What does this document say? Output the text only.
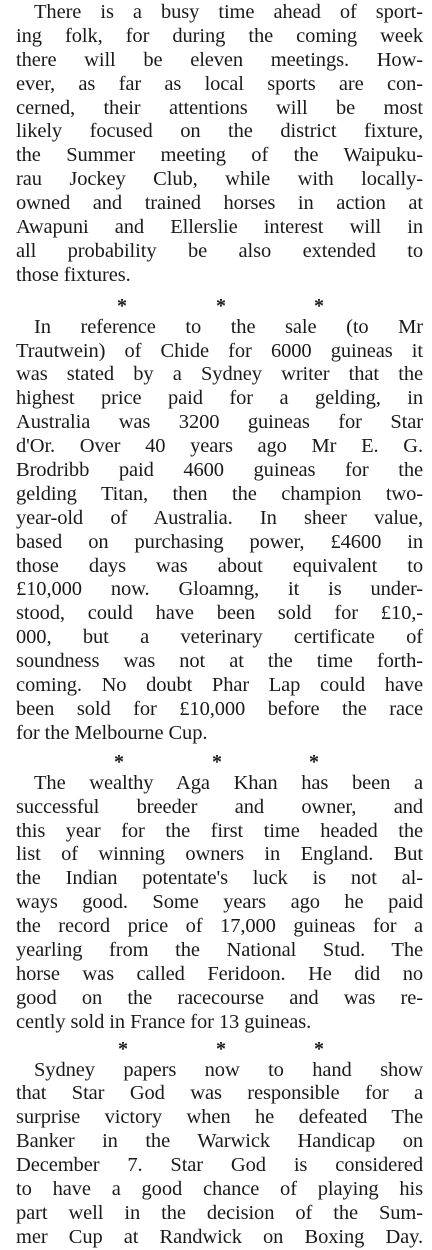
There is a busy time ahead of sport-
ing folk, for during the coming week
there will be eleven meetings. How-
ever, as far as local sports are con-
cerned, their attentions will be most
likely focused on the district fixture,
the Summer meeting of the Waipuku-
rau Jockey Club, while with locally-
owned and trained horses in action at
Awapuni and Ellerslie interest will in
all probability be also extended to
those fixtures.
*	*	*
In reference to the sale (to Mr
Trautwein) of Chide for 6000 guineas it
was stated by a Sydney writer that the
highest price paid for a gelding, in
Australia was 3200 guineas for Star
d'Or. Over 40 years ago Mr E. G.
Brodribb paid 4600 guineas for the
gelding Titan, then the champion two-
year-old of Australia. In sheer value,
based on purchasing power, £4600 in
those days was about equivalent to
£10,000 now. Gloamng, it is under-
stood, could have been sold for £10,-
000, but a veterinary certificate of
soundness was not at the time forth-
coming. No doubt Phar Lap could have
been sold for £10,000 before the race
for the Melbourne Cup.
*	*	*
The wealthy Aga Khan has been a
successful breeder and owner, and
this year for the first time headed the
list of winning owners in England. But
the Indian potentate's luck is not al-
ways good. Some years ago he paid
the record price of 17,000 guineas for a
yearling from the National Stud. The
horse was called Feridoon. He did no
good on the racecourse and was re-
cently sold in France for 13 guineas.
*	*	*
Sydney papers now to hand show
that Star God was responsible for a
surprise victory when he defeated The
Banker in the Warwick Handicap on
December 7. Star God is considered
to have a good chance of playing his
part well in the decision of the Sum-
mer Cup at Randwick on Boxing Day.
